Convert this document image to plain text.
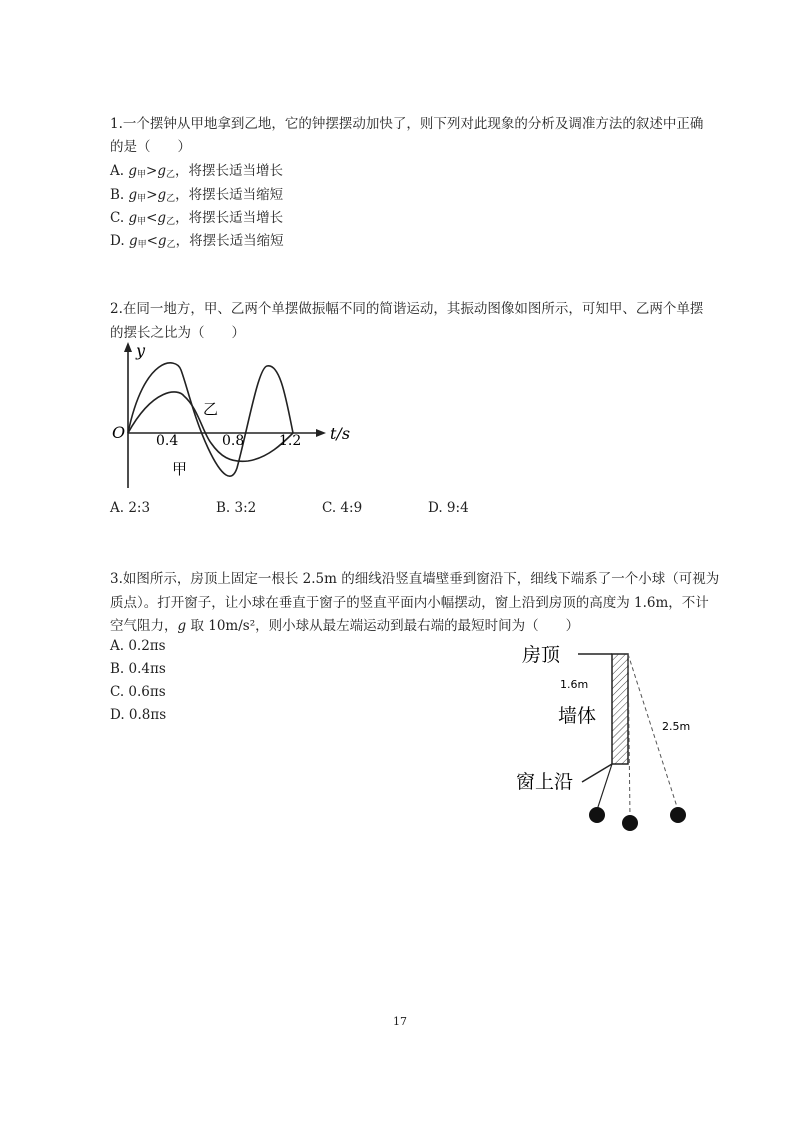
1.一个摆钟从甲地拿到乙地，它的钟摆摆动加快了，则下列对此现象的分析及调准方法的叙述中正确
的是（　　）
A. $g_甲>g_乙$，将摆长适当增长
B. $g_甲>g_乙$，将摆长适当缩短
C. $g_甲<g_乙$，将摆长适当增长
D. $g_甲<g_乙$，将摆长适当缩短
2.在同一地方，甲、乙两个单摆做振幅不同的简谐运动，其振动图像如图所示，可知甲、乙两个单摆
的摆长之比为（　　）
y
O 0.4	0.8 1.2 t/s
乙
甲
A. 2:3	B. 3:2	C. 4:9	D. 9:4
3.如图所示，房顶上固定一根长 2.5m 的细线沿竖直墙壁垂到窗沿下，细线下端系了一个小球（可视为
质点）。打开窗子，让小球在垂直于窗子的竖直平面内小幅摆动，窗上沿到房顶的高度为 1.6m，不计
空气阻力，g 取 10m/s²，则小球从最左端运动到最右端的最短时间为（　　）
A. 0.2πs
B. 0.4πs
C. 0.6πs
D. 0.8πs
房顶
1.6m
墙体	2.5m
窗上沿
17
